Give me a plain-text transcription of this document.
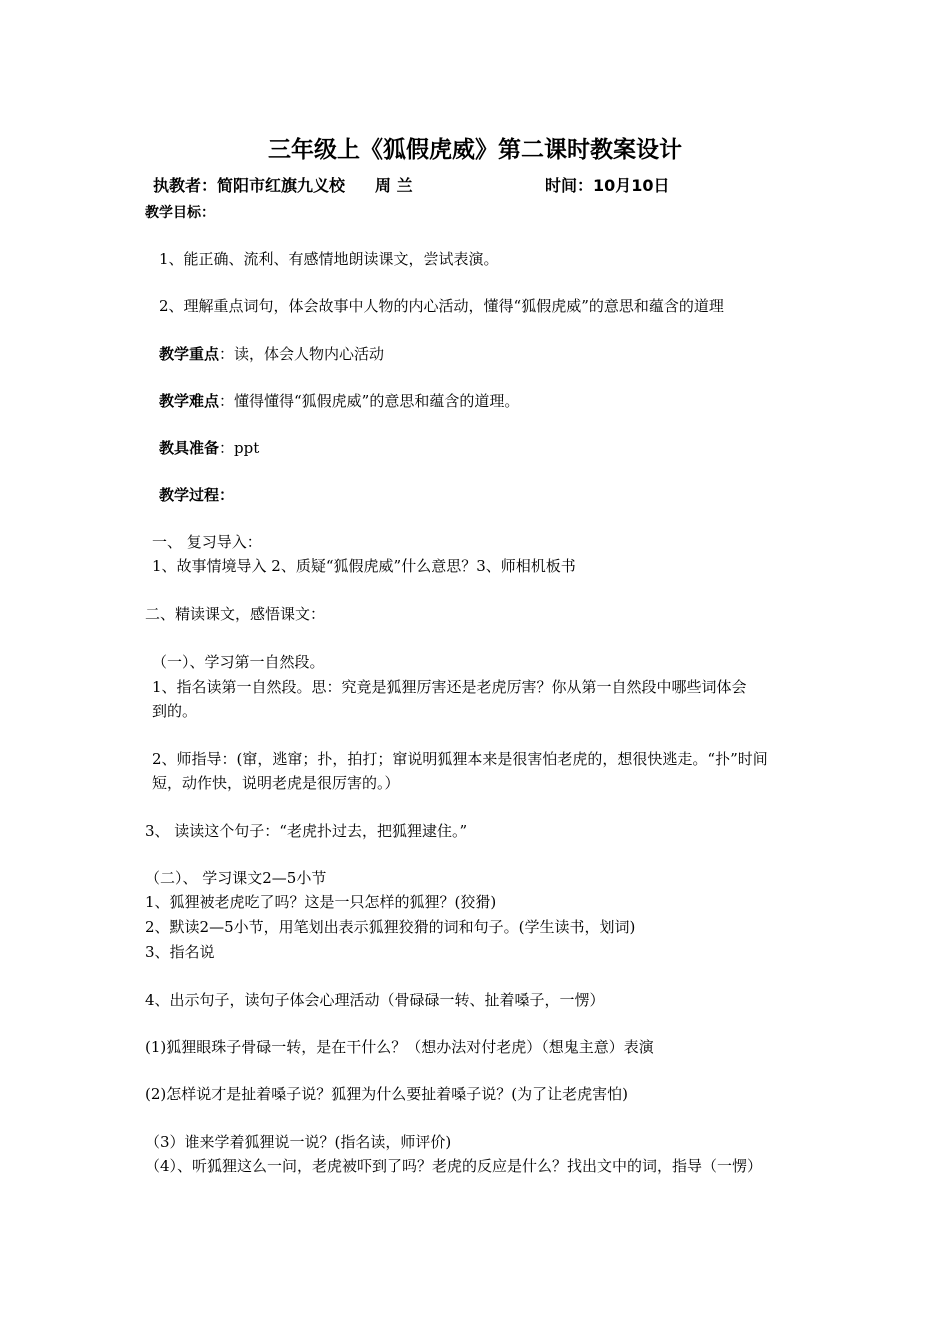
三年级上《狐假虎威》第二课时教案设计
执教者：简阳市红旗九义校 周 兰	时间：10月10日
教学目标：
1、能正确、流利、有感情地朗读课文，尝试表演。
2、理解重点词句，体会故事中人物的内心活动，懂得“狐假虎威”的意思和蕴含的道理
教学重点：读，体会人物内心活动
教学难点：懂得懂得“狐假虎威”的意思和蕴含的道理。
教具准备：ppt
教学过程：
一、 复习导入：
1、故事情境导入 2、质疑“狐假虎威”什么意思？3、师相机板书
二、精读课文，感悟课文：
（一）、学习第一自然段。
1、指名读第一自然段。思：究竟是狐狸厉害还是老虎厉害？你从第一自然段中哪些词体会
到的。
2、师指导：(窜，逃窜；扑，拍打；窜说明狐狸本来是很害怕老虎的，想很快逃走。“扑”时间
短，动作快，说明老虎是很厉害的。）
3、 读读这个句子：“老虎扑过去，把狐狸逮住。”
（二）、 学习课文2—5小节
1、狐狸被老虎吃了吗？这是一只怎样的狐狸？(狡猾)
2、默读2—5小节，用笔划出表示狐狸狡猾的词和句子。(学生读书，划词)
3、指名说
4、出示句子，读句子体会心理活动（骨碌碌一转、扯着嗓子，一愣）
(1)狐狸眼珠子骨碌一转，是在干什么？（想办法对付老虎）（想鬼主意）表演
(2)怎样说才是扯着嗓子说？狐狸为什么要扯着嗓子说？(为了让老虎害怕)
（3）谁来学着狐狸说一说？(指名读，师评价)
（4）、听狐狸这么一问，老虎被吓到了吗？老虎的反应是什么？找出文中的词，指导（一愣）
